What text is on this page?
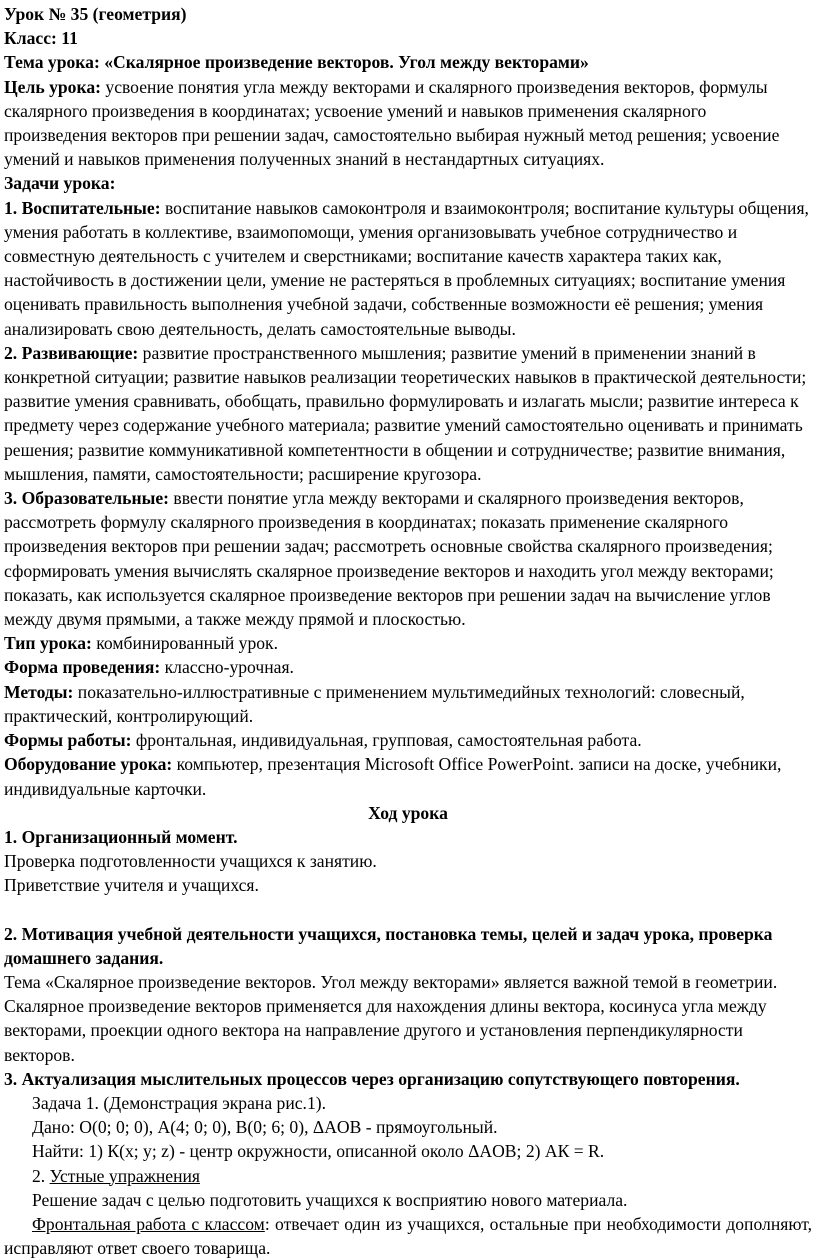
Урок № 35 (геометрия)

Класс: 11

Тема урока: «Скалярное произведение векторов. Угол между векторами»

Цель урока: усвоение понятия угла между векторами и скалярного произведения векторов, формулы скалярного произведения в координатах; усвоение умений и навыков применения скалярного произведения векторов при решении задач, самостоятельно выбирая нужный метод решения; усвоение умений и навыков применения полученных знаний в нестандартных ситуациях.

Задачи урока:

1. Воспитательные: воспитание навыков самоконтроля и взаимоконтроля; воспитание культуры общения, умения работать в коллективе, взаимопомощи, умения организовывать учебное сотрудничество и совместную деятельность с учителем и сверстниками; воспитание качеств характера таких как, настойчивость в достижении цели, умение не растеряться в проблемных ситуациях; воспитание умения оценивать правильность выполнения учебной задачи, собственные возможности её решения; умения анализировать свою деятельность, делать самостоятельные выводы.

2. Развивающие: развитие пространственного мышления; развитие умений в применении знаний в конкретной ситуации; развитие навыков реализации теоретических навыков в практической деятельности; развитие умения сравнивать, обобщать, правильно формулировать и излагать мысли; развитие интереса к предмету через содержание учебного материала; развитие умений самостоятельно оценивать и принимать решения; развитие коммуникативной компетентности в общении и сотрудничестве; развитие внимания, мышления, памяти, самостоятельности; расширение кругозора.

3. Образовательные: ввести понятие угла между векторами и скалярного произведения векторов, рассмотреть формулу скалярного произведения в координатах; показать применение скалярного произведения векторов при решении задач; рассмотреть основные свойства скалярного произведения; сформировать умения вычислять скалярное произведение векторов и находить угол между векторами; показать, как используется скалярное произведение векторов при решении задач на вычисление углов между двумя прямыми, а также между прямой и плоскостью.

Тип урока: комбинированный урок.

Форма проведения: классно-урочная.

Методы: показательно-иллюстративные с применением мультимедийных технологий: словесный, практический, контролирующий.

Формы работы: фронтальная, индивидуальная, групповая, самостоятельная работа.

Оборудование урока: компьютер, презентация Microsoft Office PowerPoint. записи на доске, учебники, индивидуальные карточки.

Ход урока

1. Организационный момент.

Проверка подготовленности учащихся к занятию.

Приветствие учителя и учащихся.

2. Мотивация учебной деятельности учащихся, постановка темы, целей и задач урока, проверка домашнего задания.

Тема «Скалярное произведение векторов. Угол между векторами» является важной темой в геометрии. Скалярное произведение векторов применяется для нахождения длины вектора, косинуса угла между векторами, проекции одного вектора на направление другого и установления перпендикулярности векторов.

3. Актуализация мыслительных процессов через организацию сопутствующего повторения.

Задача 1. (Демонстрация экрана рис.1).

Дано: О(0; 0; 0), А(4; 0; 0), В(0; 6; 0), ΔAOB - прямоугольный.

Найти: 1) К(x; y; z) - центр окружности, описанной около ΔAOB; 2) АК = R.

2. Устные упражнения

Решение задач с целью подготовить учащихся к восприятию нового материала.

Фронтальная работа с классом: отвечает один из учащихся, остальные при необходимости дополняют, исправляют ответ своего товарища.
